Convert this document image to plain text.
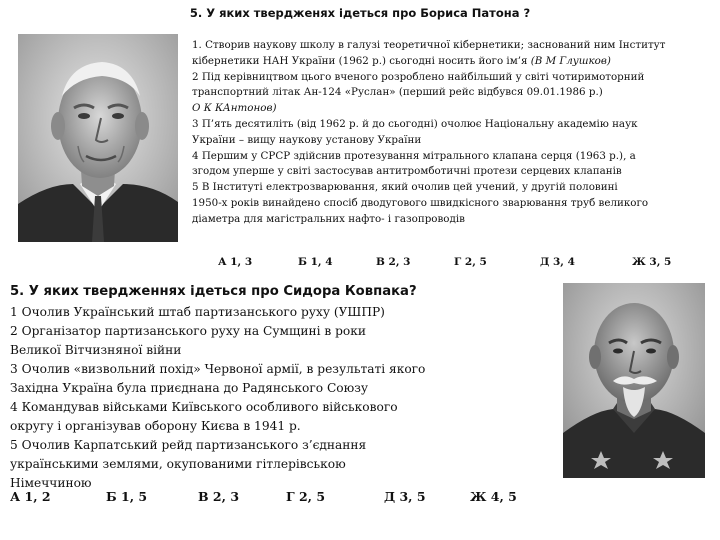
5. У яких твердженях ідеться про Бориса Патона ?
1. Створив наукову школу в галузі теоретичної кібернетики; заснований ним Інститут
кібернетики НАН України (1962 р.) сьогодні носить його ім’я (В М Глушков)
2 Під керівництвом цього вченого розроблено найбільший у світі чотиримоторний
транспортний літак Ан-124 «Руслан» (перший рейс відбувся 09.01.1986 р.)
О К КАнтонов)
3 П’ять десятиліть (від 1962 р. й до сьогодні) очолює Національну академію наук
України – вищу наукову установу України
4 Першим у СРСР здійснив протезування мітрального клапана серця (1963 р.), а
згодом уперше у світі застосував антитромботичні протези серцевих клапанів
5 В Інституті електрозварювання, який очолив цей учений, у другій половині
1950-х років винайдено спосіб дводугового швидкісного зварювання труб великого
діаметра для магістральних нафто- і газопроводів
А 1, 3	Б 1, 4	В 2, 3	Г 2, 5	Д 3, 4	Ж 3, 5
5. У яких твердженнях ідеться про Сидора Ковпака?
1 Очолив Український штаб партизанського руху (УШПР)
2 Організатор партизанського руху на Сумщині в роки
Великої Вітчизняної війни
3 Очолив «визвольний похід» Червоної армії, в результаті якого
Західна Україна була приєднана до Радянського Союзу
4 Командував військами Київського особливого військового
округу і організував оборону Києва в 1941 р.
5 Очолив Карпатський рейд партизанського з’єднання
українськими землями, окупованими гітлерівською
Німеччиною
А 1, 2	Б 1, 5	В 2, 3	Г 2, 5	Д 3, 5	Ж 4, 5
